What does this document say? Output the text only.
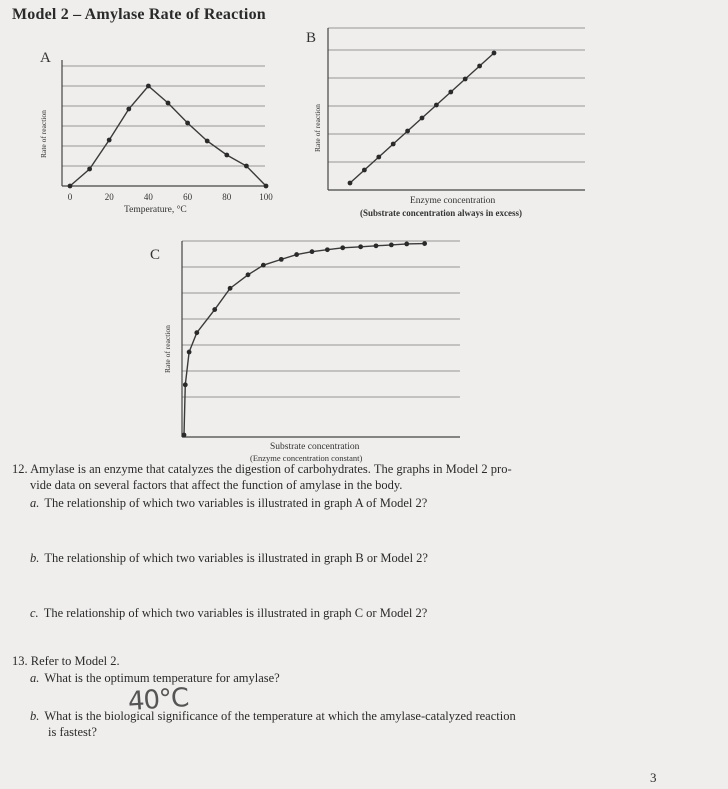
Model 2 – Amylase Rate of Reaction
A
0	20	40	60	80	100
Rate of reaction
Temperature, °C
B
Rate of reaction
Enzyme concentration
(Substrate concentration always in excess)
C
Rate of reaction
Substrate concentration
(Enzyme concentration constant)
12. Amylase is an enzyme that catalyzes the digestion of carbohydrates. The graphs in Model 2 pro-
vide data on several factors that affect the function of amylase in the body.
a. The relationship of which two variables is illustrated in graph A of Model 2?
b. The relationship of which two variables is illustrated in graph B or Model 2?
c. The relationship of which two variables is illustrated in graph C or Model 2?
13. Refer to Model 2.
a. What is the optimum temperature for amylase?
40°C
b. What is the biological significance of the temperature at which the amylase-catalyzed reaction
is fastest?
3
